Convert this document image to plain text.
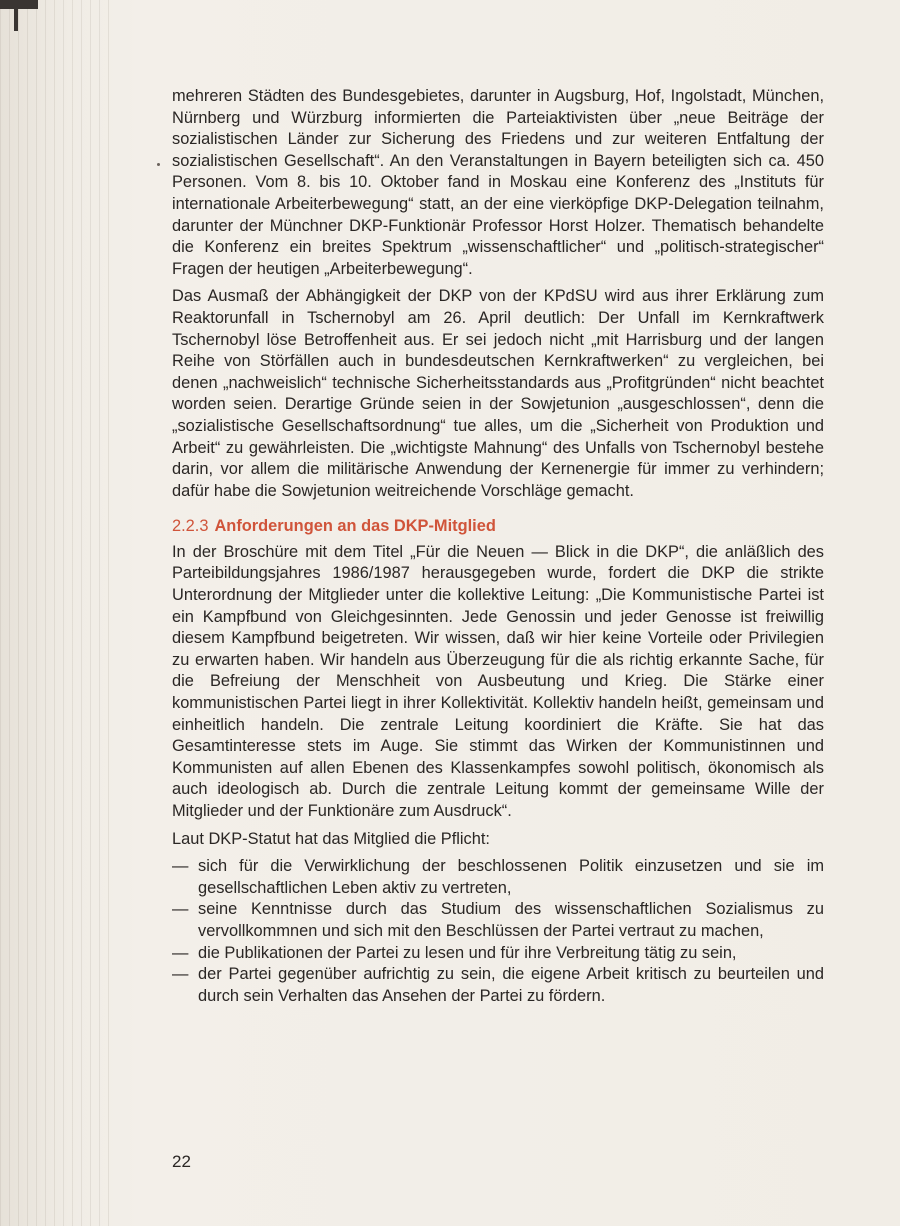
mehreren Städten des Bundesgebietes, darunter in Augsburg, Hof, Ingolstadt, München, Nürnberg und Würzburg informierten die Parteiaktivisten über „neue Beiträge der sozialistischen Länder zur Sicherung des Friedens und zur weiteren Entfaltung der sozialistischen Gesellschaft“. An den Veranstaltungen in Bayern beteiligten sich ca. 450 Personen. Vom 8. bis 10. Oktober fand in Moskau eine Konferenz des „Instituts für internationale Arbeiterbewegung“ statt, an der eine vierköpfige DKP-Delegation teilnahm, darunter der Münchner DKP-Funktionär Professor Horst Holzer. Thematisch behandelte die Konferenz ein breites Spektrum „wissenschaftlicher“ und „politisch-strategischer“ Fragen der heutigen „Arbeiterbewegung“.

Das Ausmaß der Abhängigkeit der DKP von der KPdSU wird aus ihrer Erklärung zum Reaktorunfall in Tschernobyl am 26. April deutlich: Der Unfall im Kernkraftwerk Tschernobyl löse Betroffenheit aus. Er sei jedoch nicht „mit Harrisburg und der langen Reihe von Störfällen auch in bundesdeutschen Kernkraftwerken“ zu vergleichen, bei denen „nachweislich“ technische Sicherheitsstandards aus „Profitgründen“ nicht beachtet worden seien. Derartige Gründe seien in der Sowjetunion „ausgeschlossen“, denn die „sozialistische Gesellschaftsordnung“ tue alles, um die „Sicherheit von Produktion und Arbeit“ zu gewährleisten. Die „wichtigste Mahnung“ des Unfalls von Tschernobyl bestehe darin, vor allem die militärische Anwendung der Kernenergie für immer zu verhindern; dafür habe die Sowjetunion weitreichende Vorschläge gemacht.

2.2.3 Anforderungen an das DKP-Mitglied

In der Broschüre mit dem Titel „Für die Neuen — Blick in die DKP“, die anläßlich des Parteibildungsjahres 1986/1987 herausgegeben wurde, fordert die DKP die strikte Unterordnung der Mitglieder unter die kollektive Leitung: „Die Kommunistische Partei ist ein Kampfbund von Gleichgesinnten. Jede Genossin und jeder Genosse ist freiwillig diesem Kampfbund beigetreten. Wir wissen, daß wir hier keine Vorteile oder Privilegien zu erwarten haben. Wir handeln aus Überzeugung für die als richtig erkannte Sache, für die Befreiung der Menschheit von Ausbeutung und Krieg. Die Stärke einer kommunistischen Partei liegt in ihrer Kollektivität. Kollektiv handeln heißt, gemeinsam und einheitlich handeln. Die zentrale Leitung koordiniert die Kräfte. Sie hat das Gesamtinteresse stets im Auge. Sie stimmt das Wirken der Kommunistinnen und Kommunisten auf allen Ebenen des Klassenkampfes sowohl politisch, ökonomisch als auch ideologisch ab. Durch die zentrale Leitung kommt der gemeinsame Wille der Mitglieder und der Funktionäre zum Ausdruck“.

Laut DKP-Statut hat das Mitglied die Pflicht:

— sich für die Verwirklichung der beschlossenen Politik einzusetzen und sie im gesellschaftlichen Leben aktiv zu vertreten,
— seine Kenntnisse durch das Studium des wissenschaftlichen Sozialismus zu vervollkommnen und sich mit den Beschlüssen der Partei vertraut zu machen,
— die Publikationen der Partei zu lesen und für ihre Verbreitung tätig zu sein,
— der Partei gegenüber aufrichtig zu sein, die eigene Arbeit kritisch zu beurteilen und durch sein Verhalten das Ansehen der Partei zu fördern.
22
